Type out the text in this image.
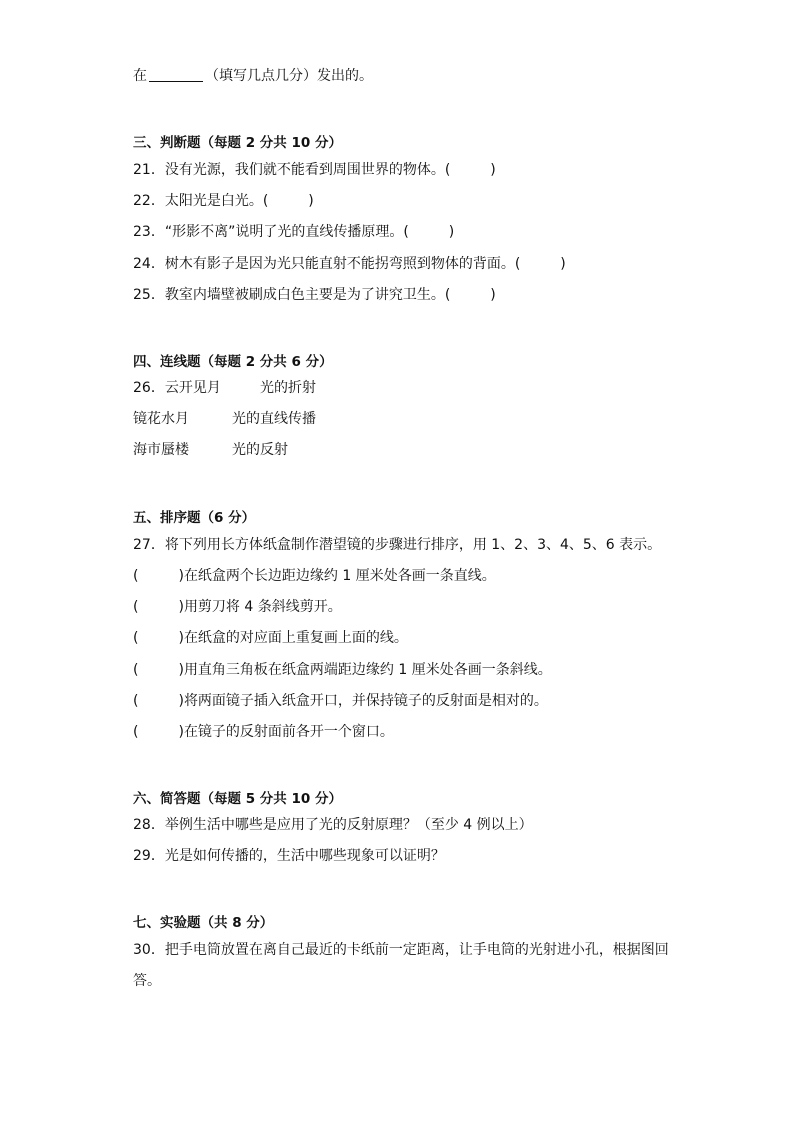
在	（填写几点几分）发出的。
三、判断题（每题 2 分共 10 分）
21．没有光源，我们就不能看到周围世界的物体。(	)
22．太阳光是白光。(	)
23．“形影不离”说明了光的直线传播原理。(	)
24．树木有影子是因为光只能直射不能拐弯照到物体的背面。(	)
25．教室内墙壁被刷成白色主要是为了讲究卫生。(	)
四、连线题（每题 2 分共 6 分）
26．云开见月	光的折射
镜花水月	光的直线传播
海市蜃楼	光的反射
五、排序题（6 分）
27．将下列用长方体纸盒制作潜望镜的步骤进行排序，用 1、2、3、4、5、6 表示。
(	)在纸盒两个长边距边缘约 1 厘米处各画一条直线。
(	)用剪刀将 4 条斜线剪开。
(	)在纸盒的对应面上重复画上面的线。
(	)用直角三角板在纸盒两端距边缘约 1 厘米处各画一条斜线。
(	)将两面镜子插入纸盒开口，并保持镜子的反射面是相对的。
(	)在镜子的反射面前各开一个窗口。
六、简答题（每题 5 分共 10 分）
28．举例生活中哪些是应用了光的反射原理？（至少 4 例以上）
29．光是如何传播的，生活中哪些现象可以证明？
七、实验题（共 8 分）
30．把手电筒放置在离自己最近的卡纸前一定距离，让手电筒的光射进小孔，根据图回
答。
